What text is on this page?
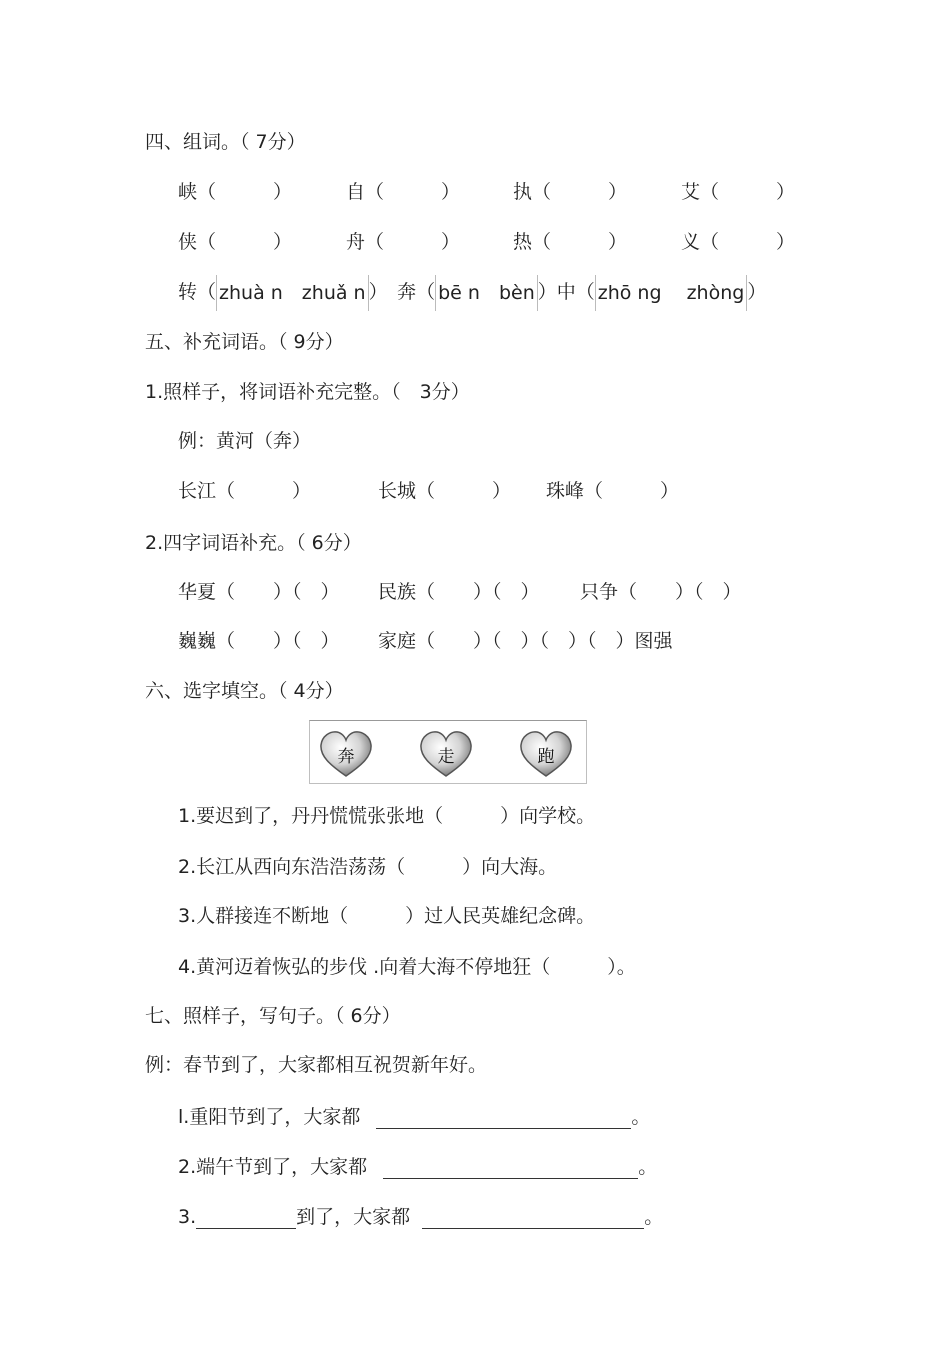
四、组词。（ 7分）
峡（　　　）	自（　　　）	执（　　　）	艾（　　　）
侠（　　　）	舟（　　　）	热（　　　）	义（　　　）
转（ zhuà n　zhuǎ n ）　奔（ bē n　bèn ）中（ zhō ng　 zhòng ）
五、补充词语。（ 9分）
1.照样子，将词语补充完整。（　3分）
例：黄河（奔）
长江（　　　）	长城（　　　） 珠峰（　　　）
2.四字词语补充。（ 6分）
华夏（　　）（　） 民族（　　）（　） 只争（　　）（　）
巍巍（　　）（　） 家庭（　　）（　）（　）（　）图强
六、选字填空。（ 4分）
奔	走	跑
1.要迟到了，丹丹慌慌张张地（　　　）向学校。
2.长江从西向东浩浩荡荡（　　　）向大海。
3.人群接连不断地（　　　）过人民英雄纪念碑。
4.黄河迈着恢弘的步伐 .向着大海不停地狂（　　　）。
七、照样子，写句子。（ 6分）
例：春节到了，大家都相互祝贺新年好。
l.重阳节到了，大家都	。
2.端午节到了，大家都	。
3.	到了，大家都	。
